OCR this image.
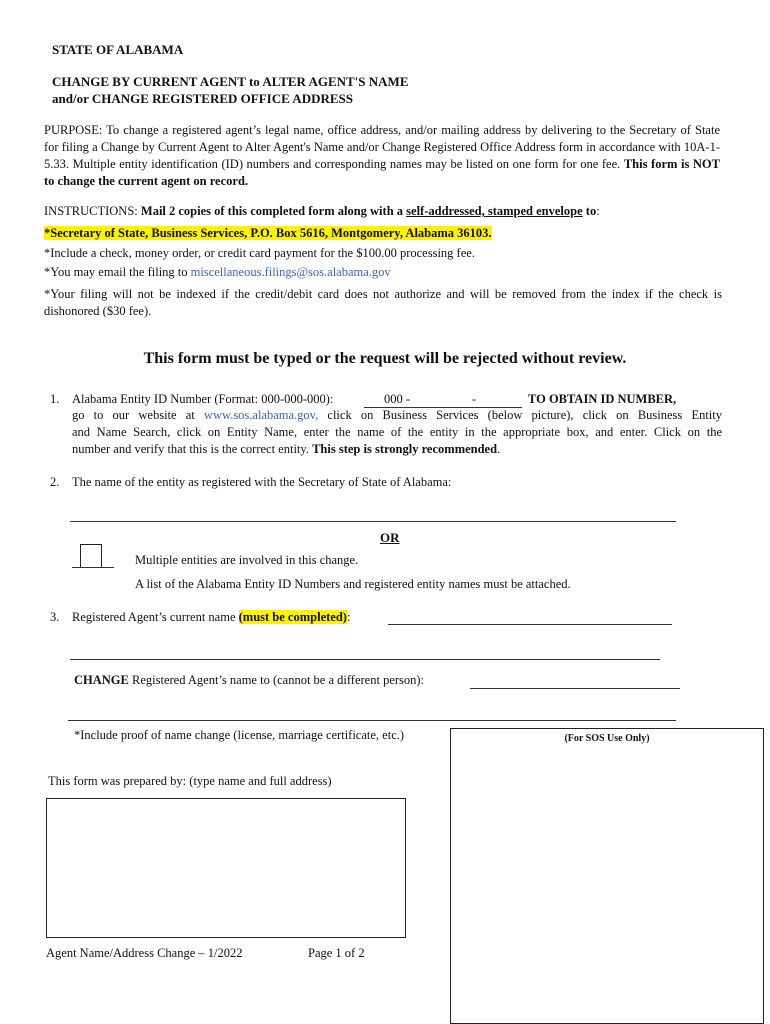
STATE OF ALABAMA
CHANGE BY CURRENT AGENT to ALTER AGENT'S NAME
and/or CHANGE REGISTERED OFFICE ADDRESS
PURPOSE: To change a registered agent’s legal name, office address, and/or mailing address by delivering to the Secretary of State for filing a Change by Current Agent to Alter Agent's Name and/or Change Registered Office Address form in accordance with 10A-1-5.33. Multiple entity identification (ID) numbers and corresponding names may be listed on one form for one fee. This form is NOT to change the current agent on record.
INSTRUCTIONS: Mail 2 copies of this completed form along with a self-addressed, stamped envelope to:
*Secretary of State, Business Services, P.O. Box 5616, Montgomery, Alabama 36103.
*Include a check, money order, or credit card payment for the $100.00 processing fee.
*You may email the filing to miscellaneous.filings@sos.alabama.gov
*Your filing will not be indexed if the credit/debit card does not authorize and will be removed from the index if the check is dishonored ($30 fee).
This form must be typed or the request will be rejected without review.
1. Alabama Entity ID Number (Format: 000-000-000):	000 -	-	TO OBTAIN ID NUMBER,
go to our website at www.sos.alabama.gov, click on Business Services (below picture), click on Business Entity
and Name Search, click on Entity Name, enter the name of the entity in the appropriate box, and enter. Click on the
number and verify that this is the correct entity. This step is strongly recommended.
2. The name of the entity as registered with the Secretary of State of Alabama:
OR
Multiple entities are involved in this change.
A list of the Alabama Entity ID Numbers and registered entity names must be attached.
3. Registered Agent’s current name (must be completed):
CHANGE Registered Agent’s name to (cannot be a different person):
*Include proof of name change (license, marriage certificate, etc.)	(For SOS Use Only)
This form was prepared by: (type name and full address)
Agent Name/Address Change – 1/2022	Page 1 of 2
